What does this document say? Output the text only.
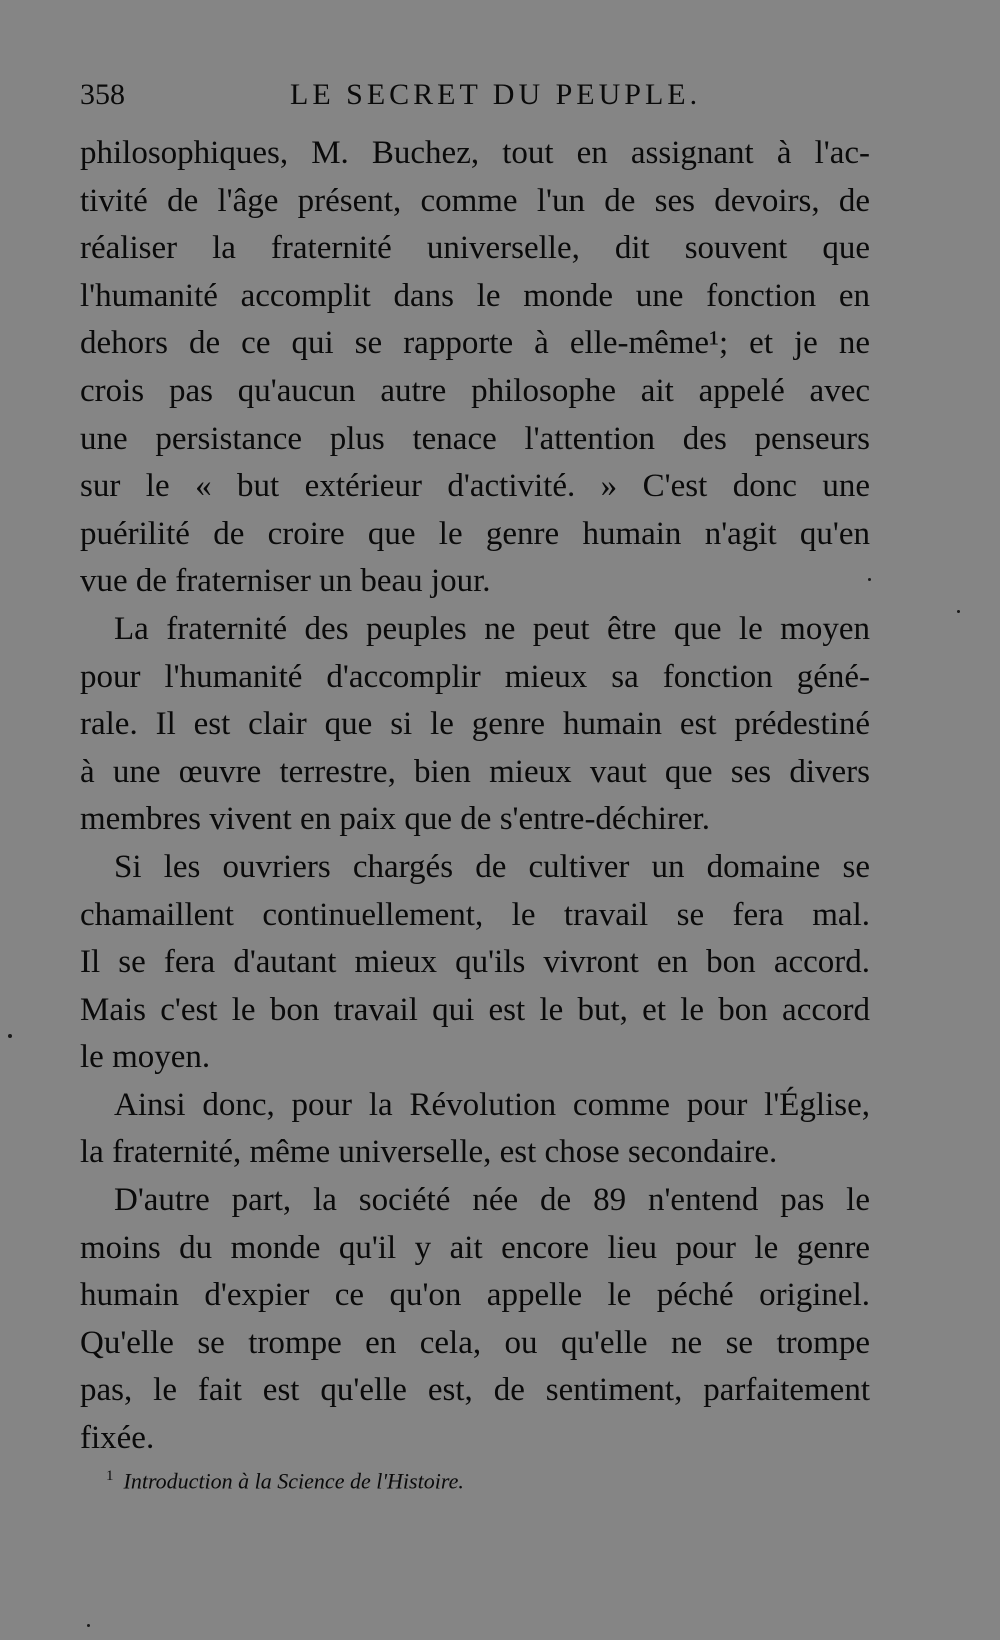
358	LE SECRET DU PEUPLE.
philosophiques, M. Buchez, tout en assignant à l'ac-
tivité de l'âge présent, comme l'un de ses devoirs, de
réaliser la fraternité universelle, dit souvent que
l'humanité accomplit dans le monde une fonction en
dehors de ce qui se rapporte à elle-même¹; et je ne
crois pas qu'aucun autre philosophe ait appelé avec
une persistance plus tenace l'attention des penseurs
sur le « but extérieur d'activité. » C'est donc une
puérilité de croire que le genre humain n'agit qu'en
vue de fraterniser un beau jour.
La fraternité des peuples ne peut être que le moyen
pour l'humanité d'accomplir mieux sa fonction géné-
rale. Il est clair que si le genre humain est prédestiné
à une œuvre terrestre, bien mieux vaut que ses divers
membres vivent en paix que de s'entre-déchirer.
Si les ouvriers chargés de cultiver un domaine se
chamaillent continuellement, le travail se fera mal.
Il se fera d'autant mieux qu'ils vivront en bon accord.
Mais c'est le bon travail qui est le but, et le bon accord
le moyen.
Ainsi donc, pour la Révolution comme pour l'Église,
la fraternité, même universelle, est chose secondaire.
D'autre part, la société née de 89 n'entend pas le
moins du monde qu'il y ait encore lieu pour le genre
humain d'expier ce qu'on appelle le péché originel.
Qu'elle se trompe en cela, ou qu'elle ne se trompe
pas, le fait est qu'elle est, de sentiment, parfaitement
fixée.
$^1$ Introduction à la Science de l'Histoire.
